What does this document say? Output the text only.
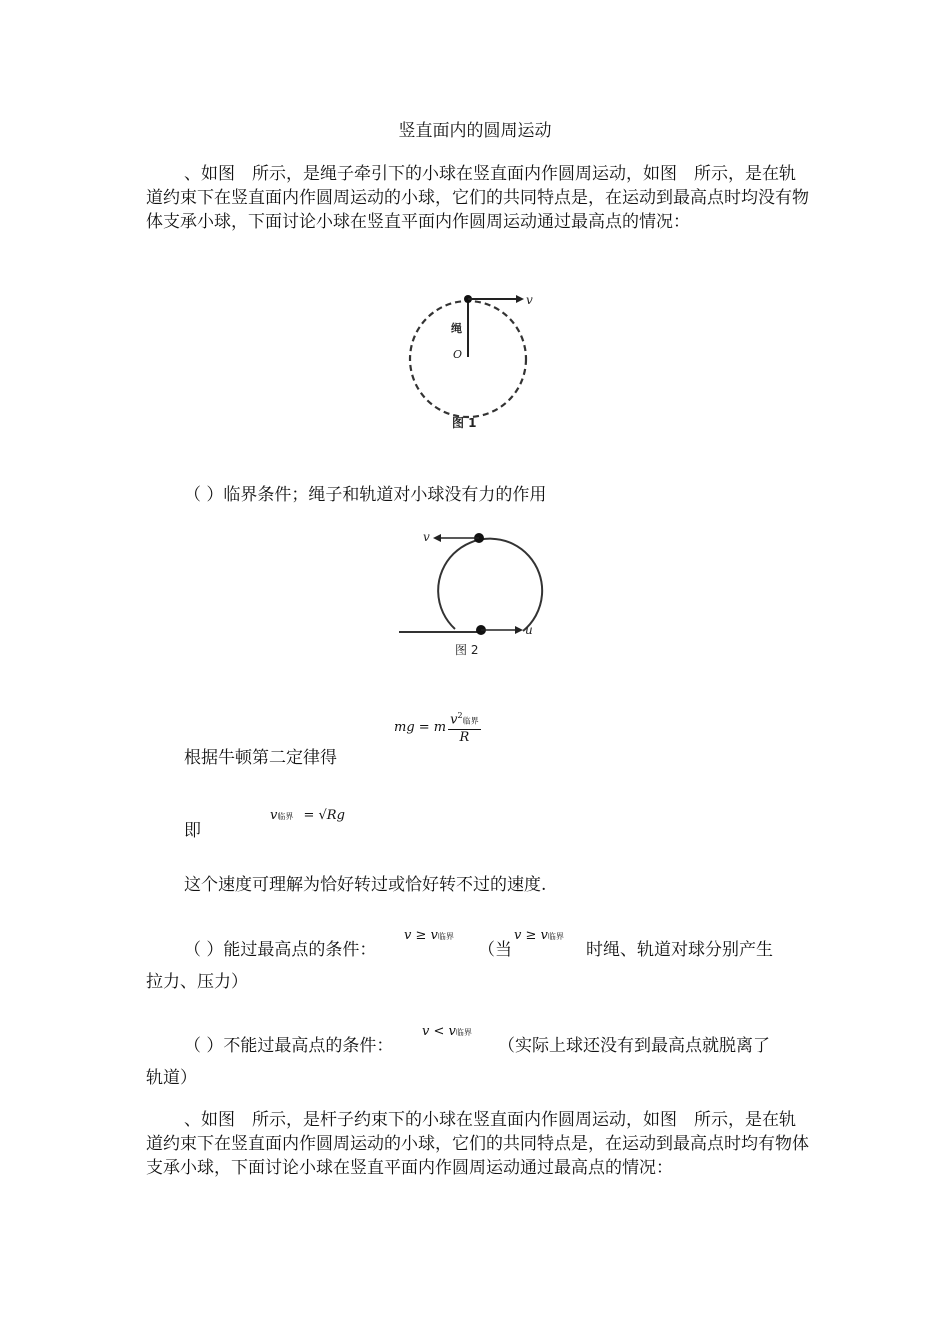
竖直面内的圆周运动
、如图　所示，是绳子牵引下的小球在竖直面内作圆周运动，如图　所示，是在轨道约束下在竖直面内作圆周运动的小球，它们的共同特点是，在运动到最高点时均没有物体支承小球，下面讨论小球在竖直平面内作圆周运动通过最高点的情况：
v
绳
O
图 1
（ ）临界条件；绳子和轨道对小球没有力的作用
v
u
图 2
mg = m $v^2$临界
R
根据牛顿第二定律得
即
v临界 = √Rg
这个速度可理解为恰好转过或恰好转不过的速度.
（ ）能过最高点的条件：
v ≥ v临界
（当
v ≥ v临界
时绳、轨道对球分别产生
拉力、压力）
（ ）不能过最高点的条件：
v < v临界
（实际上球还没有到最高点就脱离了
轨道）
、如图　所示，是杆子约束下的小球在竖直面内作圆周运动，如图　所示，是在轨道约束下在竖直面内作圆周运动的小球，它们的共同特点是，在运动到最高点时均有物体支承小球，下面讨论小球在竖直平面内作圆周运动通过最高点的情况：
